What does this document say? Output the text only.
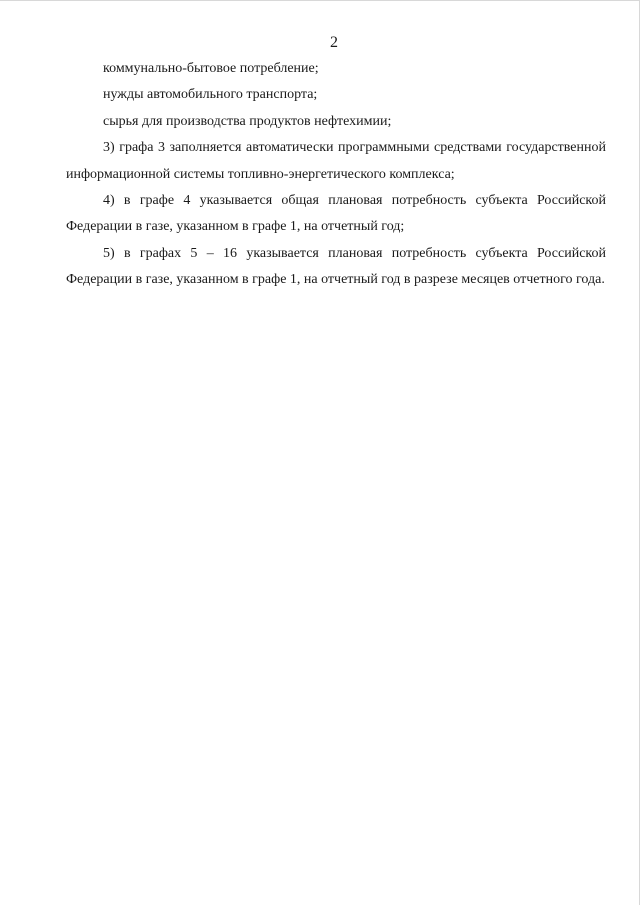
2

коммунально-бытовое потребление;

нужды автомобильного транспорта;

сырья для производства продуктов нефтехимии;

3) графа 3 заполняется автоматически программными средствами государственной информационной системы топливно-энергетического комплекса;

4) в графе 4 указывается общая плановая потребность субъекта Российской Федерации в газе, указанном в графе 1, на отчетный год;

5) в графах 5 – 16 указывается плановая потребность субъекта Российской Федерации в газе, указанном в графе 1, на отчетный год в разрезе месяцев отчетного года.
